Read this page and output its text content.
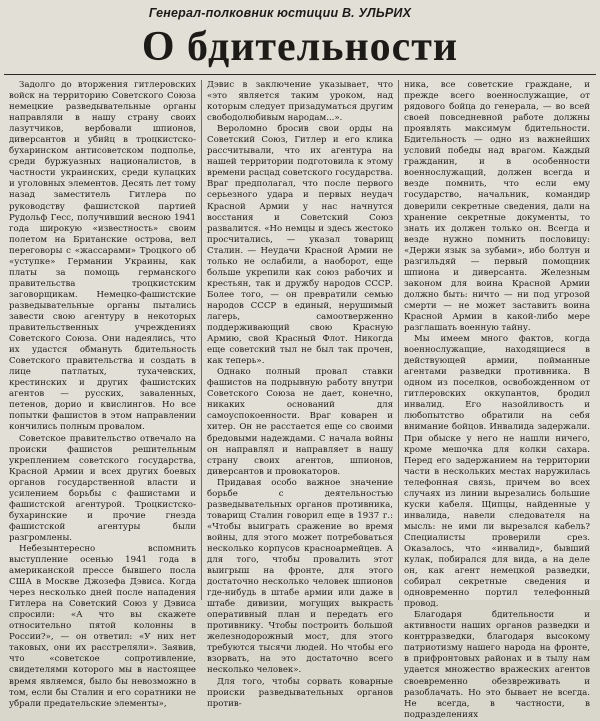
Генерал-полковник юстиции В. УЛЬРИХ
О бдительности

Задолго до вторжения гитлеровских войск на территорию Советского Союза немецкие разведывательные органы направляли в нашу страну своих лазутчиков, вербовали шпионов, диверсантов и убийц в троцкистско-бухаринском антисоветском подполье, среди буржуазных националистов, в частности украинских, среди кулацких и уголовных элементов. Десять лет тому назад заместитель Гитлера по руководству фашистской партией Рудольф Гесс, получивший весною 1941 года широкую «известность» своим полетом на Британские острова, вел переговоры с «жассарами» Троцкого об «уступке» Германии Украины, как платы за помощь германского правительства троцкистским заговорщикам. Немецко-фашистские разведывательные органы пытались завести свою агентуру в некоторых правительственных учреждениях Советского Союза. Они надеялись, что их удастся обмануть бдительность Советского правительства и создать в лице патлатых, тухачевских, крестинских и других фашистских агентов — русских, заваленных, петенов, дорио и квислингов. Но все попытки фашистов в этом направлении кончились полным провалом.

Советское правительство отвечало на происки фашистов решительным укреплением советского государства, Красной Армии и всех других боевых органов государственной власти и усилением борьбы с фашистами и фашистской агентурой. Троцкистско-бухаринские и прочие гнезда фашистской агентуры были разгромлены.

Небезынтересно вспомнить выступление осенью 1941 года в американской прессе бывшего посла США в Москве Джозефа Дэвиса. Когда через несколько дней после нападения Гитлера на Советский Союз у Дэвиса спросили: «А что вы скажете относительно пятой колонны в России?», — он ответил: «У них нет таковых, они их расстреляли». Заявив, что «советское сопротивление, свидетелями которого мы в настоящее время являемся, было бы невозможно в том, если бы Сталин и его соратники не убрали предательские элементы»,

Дэвис в заключение указывает, что «это является таким уроком, над которым следует призадуматься другим свободолюбивым народам...».

Вероломно бросив свои орды на Советский Союз, Гитлер и его клика рассчитывали, что их агентура на нашей территории подготовила к этому времени расцад советского государства. Враг предполагал, что после первого серьезного удара и первых неудач Красной Армии у нас начнутся восстания и Советский Союз развалится. «Но немцы и здесь жестоко просчитались, — указал товарищ Сталин. — Неудачи Красной Армии не только не ослабили, а наоборот, еще больше укрепили как союз рабочих и крестьян, так и дружбу народов СССР. Более того, — он превратили семью народов СССР в единый, нерушимый лагерь, самоотверженно поддерживающий свою Красную Армию, свой Красный Флот. Никогда еще советский тыл не был так прочен, как теперь».

Однако полный провал ставки фашистов на подрывную работу внутри Советского Союза не дает, конечно, никаких оснований для самоуспокоенности. Враг коварен и хитер. Он не расстается еще со своими бредовыми надеждами. С начала войны он направлял и направляет в нашу страну своих агентов, шпионов, диверсантов и провокаторов.

Придавая особо важное значение борьбе с деятельностью разведывательных органов противника, товарищ Сталин говорил еще в 1937 г.: «Чтобы выиграть сражение во время войны, для этого может потребоваться несколько корпусов красноармейцев. А для того, чтобы провалить этот выигрыш на фронте, для этого достаточно несколько человек шпионов где-нибудь в штабе армии или даже в штабе дивизии, могущих выкрасть оперативный план и передать его противнику. Чтобы построить большой железнодорожный мост, для этого требуются тысячи людей. Но чтобы его взорвать, на это достаточно всего несколько человек».

Для того, чтобы сорвать коварные происки разведывательных органов против-

ника, все советские граждане, и прежде всего военнослужащие, от рядового бойца до генерала, — во всей своей повседневной работе должны проявлять максимум бдительности. Бдительность — одно из важнейших условий победы над врагом. Каждый гражданин, и в особенности военнослужащий, должен всегда и везде помнить, что если ему государство, начальник, командир доверили секретные сведения, дали на хранение секретные документы, то знать их должен только он. Всегда и везде нужно помнить пословицу: «Держи язык за зубами», ибо болтун и разгильдяй — первый помощник шпиона и диверсанта. Железным законом для воина Красной Армии должно быть: ничто — ни под угрозой смерти — не может заставить воина Красной Армии в какой-либо мере разглашать военную тайну.

Мы имеем много фактов, когда военнослужащие, находящиеся в действующей армии, пойманные агентами разведки противника. В одном из поселков, освобожденном от гитлеровских оккупантов, бродил инвалид. Его назойливость и любопытство обратили на себя внимание бойцов. Инвалида задержали. При обыске у него не нашли ничего, кроме мешочка для колки сахара. Перед его задержанием на территории части в нескольких местах наружилась телефонная связь, причем во всех случаях из линии вырезались большие куски кабеля. Щипцы, найденные у инвалида, навели следователя на мысль: не ими ли вырезался кабель? Специалисты проверили срез. Оказалось, что «инвалид», бывший кулак, побирался для вида, а на деле он, как агент немецкой разведки, собирал секретные сведения и одновременно портил телефонный провод.

Благодаря бдительности и активности наших органов разведки и контрразведки, благодаря высокому патриотизму нашего народа на фронте, в прифронтовых районах и в тылу нам удается множество вражеских агентов своевременно обезвреживать и разоблачать. Но это бывает не всегда. Не всегда, в частности, в подразделениях
